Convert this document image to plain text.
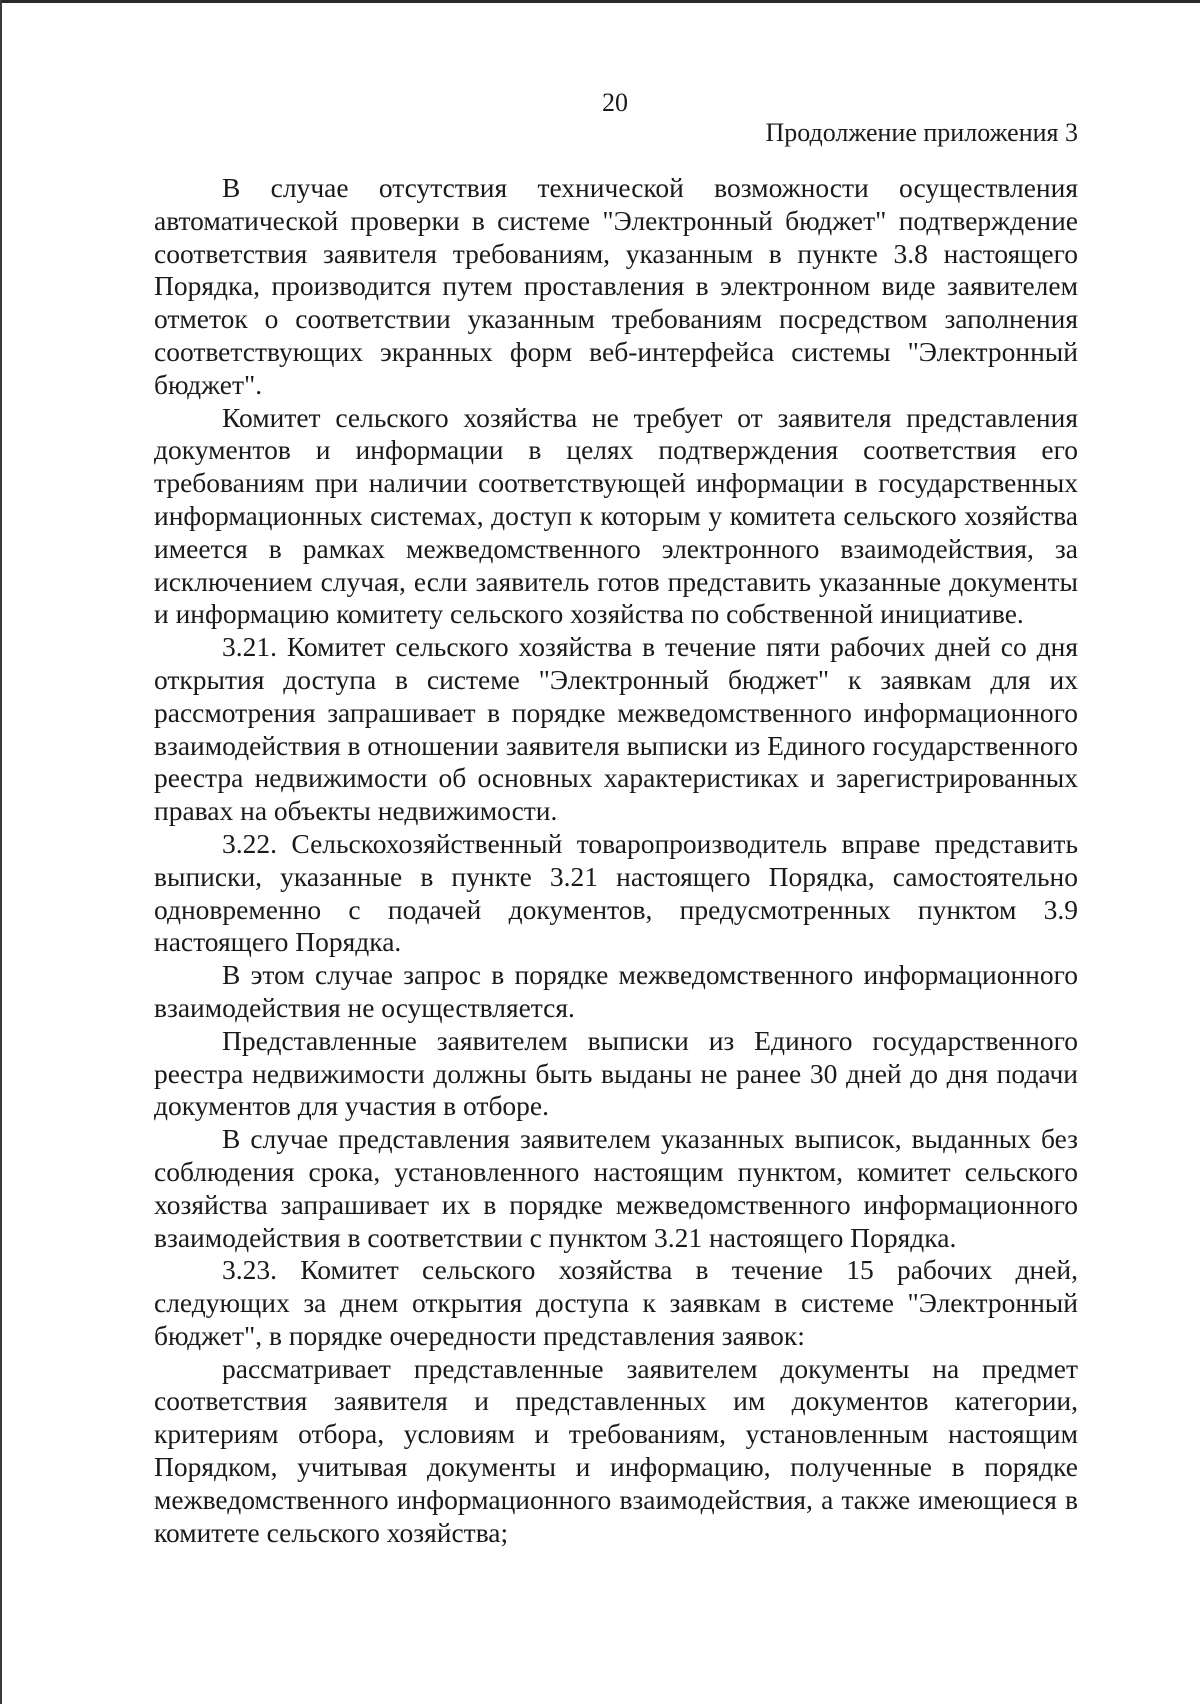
20
Продолжение приложения 3

В случае отсутствия технической возможности осуществления автоматической проверки в системе "Электронный бюджет" подтверждение соответствия заявителя требованиям, указанным в пункте 3.8 настоящего Порядка, производится путем проставления в электронном виде заявителем отметок о соответствии указанным требованиям посредством заполнения соответствующих экранных форм веб-интерфейса системы "Электронный бюджет".

Комитет сельского хозяйства не требует от заявителя представления документов и информации в целях подтверждения соответствия его требованиям при наличии соответствующей информации в государственных информационных системах, доступ к которым у комитета сельского хозяйства имеется в рамках межведомственного электронного взаимодействия, за исключением случая, если заявитель готов представить указанные документы и информацию комитету сельского хозяйства по собственной инициативе.

3.21. Комитет сельского хозяйства в течение пяти рабочих дней со дня открытия доступа в системе "Электронный бюджет" к заявкам для их рассмотрения запрашивает в порядке межведомственного информационного взаимодействия в отношении заявителя выписки из Единого государственного реестра недвижимости об основных характеристиках и зарегистрированных правах на объекты недвижимости.

3.22. Сельскохозяйственный товаропроизводитель вправе представить выписки, указанные в пункте 3.21 настоящего Порядка, самостоятельно одновременно с подачей документов, предусмотренных пунктом 3.9 настоящего Порядка.

В этом случае запрос в порядке межведомственного информационного взаимодействия не осуществляется.

Представленные заявителем выписки из Единого государственного реестра недвижимости должны быть выданы не ранее 30 дней до дня подачи документов для участия в отборе.

В случае представления заявителем указанных выписок, выданных без соблюдения срока, установленного настоящим пунктом, комитет сельского хозяйства запрашивает их в порядке межведомственного информационного взаимодействия в соответствии с пунктом 3.21 настоящего Порядка.

3.23. Комитет сельского хозяйства в течение 15 рабочих дней, следующих за днем открытия доступа к заявкам в системе "Электронный бюджет", в порядке очередности представления заявок:

рассматривает представленные заявителем документы на предмет соответствия заявителя и представленных им документов категории, критериям отбора, условиям и требованиям, установленным настоящим Порядком, учитывая документы и информацию, полученные в порядке межведомственного информационного взаимодействия, а также имеющиеся в комитете сельского хозяйства;
